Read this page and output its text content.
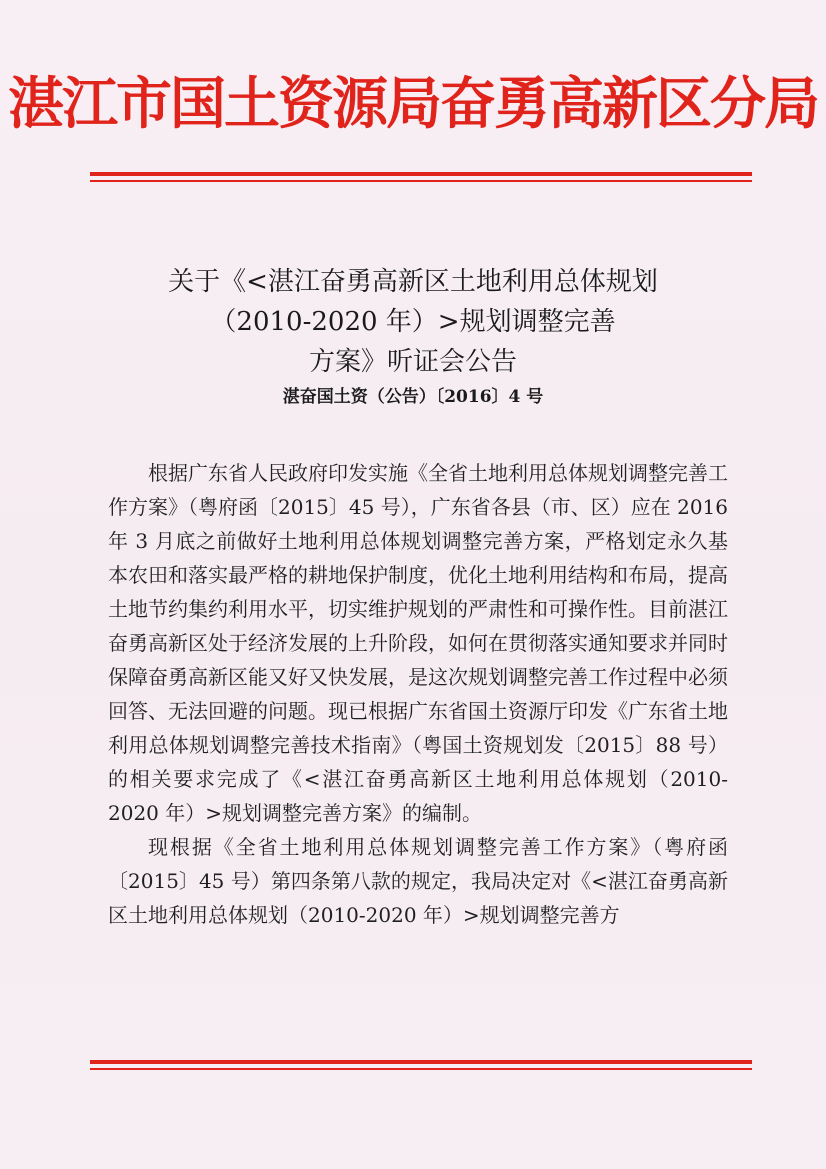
湛江市国土资源局奋勇高新区分局
关于《<湛江奋勇高新区土地利用总体规划
（2010-2020 年）>规划调整完善
方案》听证会公告
湛奋国土资（公告）〔2016〕4 号

根据广东省人民政府印发实施《全省土地利用总体规划调整完善工作方案》（粤府函〔2015〕45 号），广东省各县（市、区）应在 2016 年 3 月底之前做好土地利用总体规划调整完善方案，严格划定永久基本农田和落实最严格的耕地保护制度，优化土地利用结构和布局，提高土地节约集约利用水平，切实维护规划的严肃性和可操作性。目前湛江奋勇高新区处于经济发展的上升阶段，如何在贯彻落实通知要求并同时保障奋勇高新区能又好又快发展，是这次规划调整完善工作过程中必须回答、无法回避的问题。现已根据广东省国土资源厅印发《广东省土地利用总体规划调整完善技术指南》（粤国土资规划发〔2015〕88 号）的相关要求完成了《<湛江奋勇高新区土地利用总体规划（2010-2020 年）>规划调整完善方案》的编制。

现根据《全省土地利用总体规划调整完善工作方案》（粤府函〔2015〕45 号）第四条第八款的规定，我局决定对《<湛江奋勇高新区土地利用总体规划（2010-2020 年）>规划调整完善方
